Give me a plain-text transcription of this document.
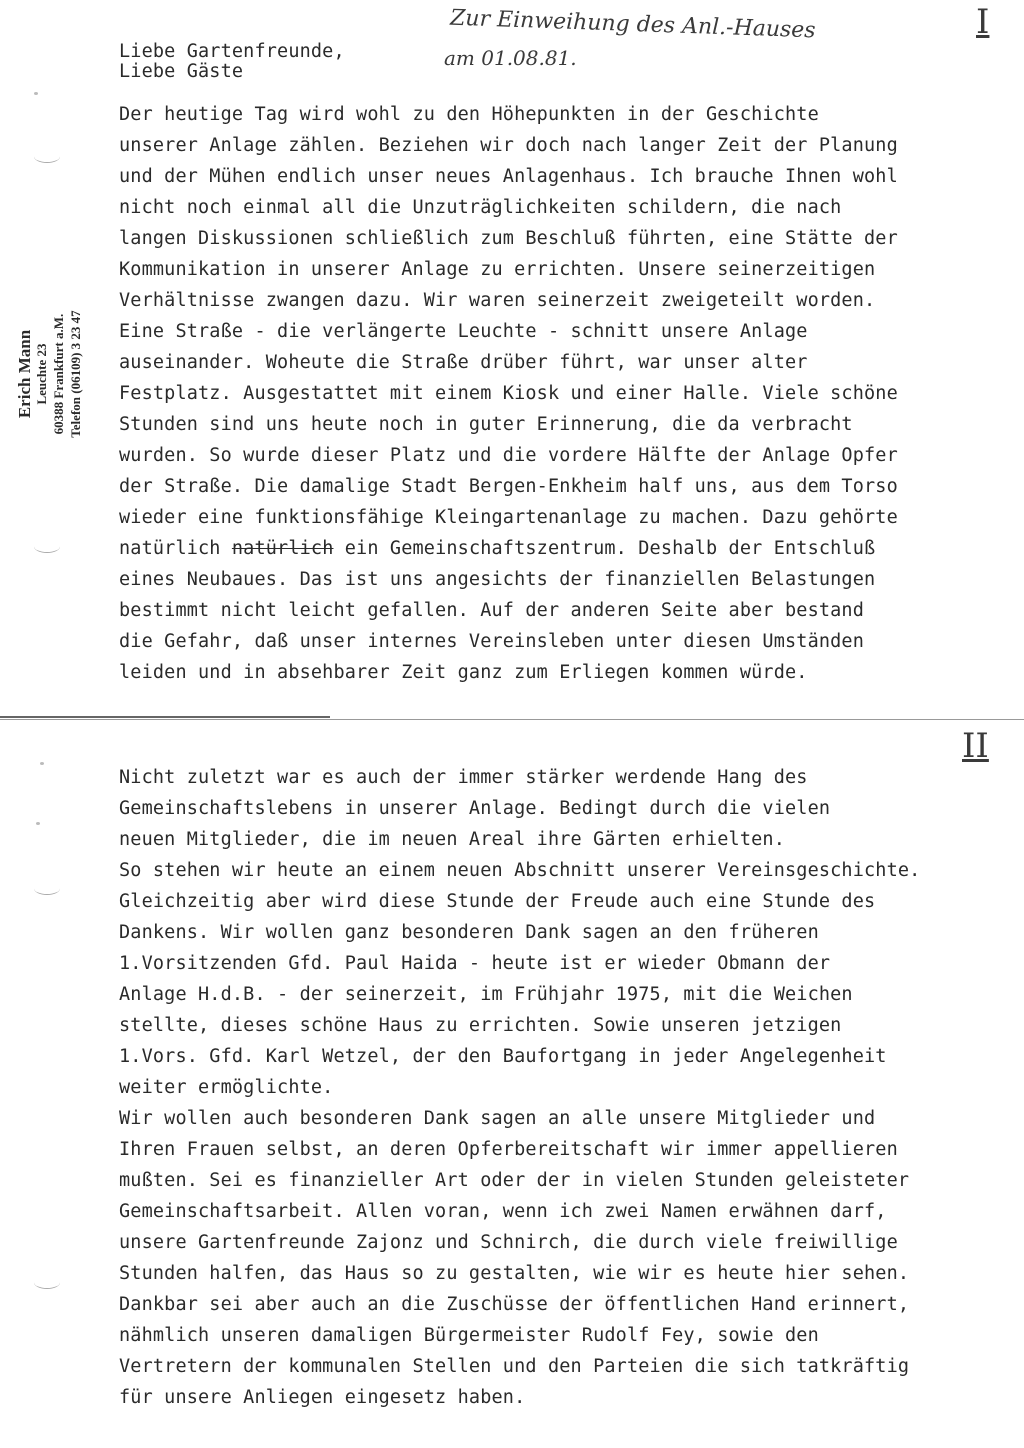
Erich Mann Leuchte 23 60388 Frankfurt a.M. Telefon (06109) 3 23 47
Zur Einweihung des Anl.-Hauses
am 01.08.81.
I
II
Liebe Gartenfreunde,
Liebe Gäste
Der heutige Tag wird wohl zu den Höhepunkten in der Geschichte
unserer Anlage zählen. Beziehen wir doch nach langer Zeit der Planung
und der Mühen endlich unser neues Anlagenhaus. Ich brauche Ihnen wohl
nicht noch einmal all die Unzuträglichkeiten schildern, die nach
langen Diskussionen schließlich zum Beschluß führten, eine Stätte der
Kommunikation in unserer Anlage zu errichten. Unsere seinerzeitigen
Verhältnisse zwangen dazu. Wir waren seinerzeit zweigeteilt worden.
Eine Straße - die verlängerte Leuchte - schnitt unsere Anlage
auseinander. Woheute die Straße drüber führt, war unser alter
Festplatz. Ausgestattet mit einem Kiosk und einer Halle. Viele schöne
Stunden sind uns heute noch in guter Erinnerung, die da verbracht
wurden. So wurde dieser Platz und die vordere Hälfte der Anlage Opfer
der Straße. Die damalige Stadt Bergen-Enkheim half uns, aus dem Torso
wieder eine funktionsfähige Kleingartenanlage zu machen. Dazu gehörte
natürlich natürlich ein Gemeinschaftszentrum. Deshalb der Entschluß
eines Neubaues. Das ist uns angesichts der finanziellen Belastungen
bestimmt nicht leicht gefallen. Auf der anderen Seite aber bestand
die Gefahr, daß unser internes Vereinsleben unter diesen Umständen
leiden und in absehbarer Zeit ganz zum Erliegen kommen würde.
Nicht zuletzt war es auch der immer stärker werdende Hang des
Gemeinschaftslebens in unserer Anlage. Bedingt durch die vielen
neuen Mitglieder, die im neuen Areal ihre Gärten erhielten.
So stehen wir heute an einem neuen Abschnitt unserer Vereinsgeschichte.
Gleichzeitig aber wird diese Stunde der Freude auch eine Stunde des
Dankens. Wir wollen ganz besonderen Dank sagen an den früheren
1.Vorsitzenden Gfd. Paul Haida - heute ist er wieder Obmann der
Anlage H.d.B. - der seinerzeit, im Frühjahr 1975, mit die Weichen
stellte, dieses schöne Haus zu errichten. Sowie unseren jetzigen
1.Vors. Gfd. Karl Wetzel, der den Baufortgang in jeder Angelegenheit
weiter ermöglichte.
Wir wollen auch besonderen Dank sagen an alle unsere Mitglieder und
Ihren Frauen selbst, an deren Opferbereitschaft wir immer appellieren
mußten. Sei es finanzieller Art oder der in vielen Stunden geleisteter
Gemeinschaftsarbeit. Allen voran, wenn ich zwei Namen erwähnen darf,
unsere Gartenfreunde Zajonz und Schnirch, die durch viele freiwillige
Stunden halfen, das Haus so zu gestalten, wie wir es heute hier sehen.
Dankbar sei aber auch an die Zuschüsse der öffentlichen Hand erinnert,
nähmlich unseren damaligen Bürgermeister Rudolf Fey, sowie den
Vertretern der kommunalen Stellen und den Parteien die sich tatkräftig
für unsere Anliegen eingesetz haben.
